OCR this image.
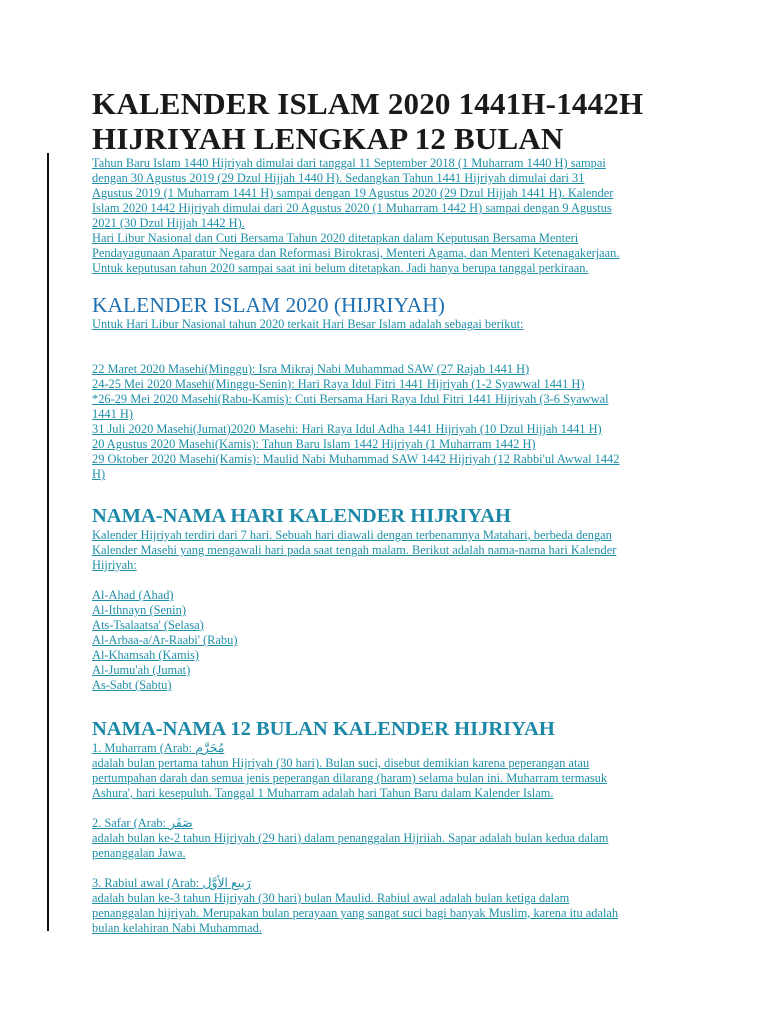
KALENDER ISLAM 2020 1441H-1442H HIJRIYAH LENGKAP 12 BULAN
Tahun Baru Islam 1440 Hijriyah dimulai dari tanggal 11 September 2018 (1 Muharram 1440 H) sampai
dengan 30 Agustus 2019 (29 Dzul Hijjah 1440 H). Sedangkan Tahun 1441 Hijriyah dimulai dari 31
Agustus 2019 (1 Muharram 1441 H) sampai dengan 19 Agustus 2020 (29 Dzul Hijjah 1441 H). Kalender
Islam 2020 1442 Hijriyah dimulai dari 20 Agustus 2020 (1 Muharram 1442 H) sampai dengan 9 Agustus
2021 (30 Dzul Hijjah 1442 H).
Hari Libur Nasional dan Cuti Bersama Tahun 2020 ditetapkan dalam Keputusan Bersama Menteri
Pendayagunaan Aparatur Negara dan Reformasi Birokrasi, Menteri Agama, dan Menteri Ketenagakerjaan.
Untuk keputusan tahun 2020 sampai saat ini belum ditetapkan. Jadi hanya berupa tanggal perkiraan.
KALENDER ISLAM 2020 (HIJRIYAH)
Untuk Hari Libur Nasional tahun 2020 terkait Hari Besar Islam adalah sebagai berikut:
22 Maret 2020 Masehi(Minggu): Isra Mikraj Nabi Muhammad SAW (27 Rajab 1441 H)
24-25 Mei 2020 Masehi(Minggu-Senin): Hari Raya Idul Fitri 1441 Hijriyah (1-2 Syawwal 1441 H)
*26-29 Mei 2020 Masehi(Rabu-Kamis): Cuti Bersama Hari Raya Idul Fitri 1441 Hijriyah (3-6 Syawwal
1441 H)
31 Juli 2020 Masehi(Jumat)2020 Masehi: Hari Raya Idul Adha 1441 Hijriyah (10 Dzul Hijjah 1441 H)
20 Agustus 2020 Masehi(Kamis): Tahun Baru Islam 1442 Hijriyah (1 Muharram 1442 H)
29 Oktober 2020 Masehi(Kamis): Maulid Nabi Muhammad SAW 1442 Hijriyah (12 Rabbi'ul Awwal 1442
H)
NAMA-NAMA HARI KALENDER HIJRIYAH
Kalender Hijriyah terdiri dari 7 hari. Sebuah hari diawali dengan terbenamnya Matahari, berbeda dengan
Kalender Masehi yang mengawali hari pada saat tengah malam. Berikut adalah nama-nama hari Kalender
Hijriyah:
Al-Ahad (Ahad)
Al-Ithnayn (Senin)
Ats-Tsalaatsa' (Selasa)
Al-Arbaa-a/Ar-Raabi' (Rabu)
Al-Khamsah (Kamis)
Al-Jumu'ah (Jumat)
As-Sabt (Sabtu)
NAMA-NAMA 12 BULAN KALENDER HIJRIYAH
1. Muharram (Arab: مُحَرَّم
adalah bulan pertama tahun Hijriyah (30 hari). Bulan suci, disebut demikian karena peperangan atau
pertumpahan darah dan semua jenis peperangan dilarang (haram) selama bulan ini. Muharram termasuk
Ashura', hari kesepuluh. Tanggal 1 Muharram adalah hari Tahun Baru dalam Kalender Islam.
2. Safar (Arab: صَفَر
adalah bulan ke-2 tahun Hijriyah (29 hari) dalam penanggalan Hijriiah. Sapar adalah bulan kedua dalam
penanggalan Jawa.
3. Rabiul awal (Arab: رَبيع الأوَّل
adalah bulan ke-3 tahun Hijriyah (30 hari) bulan Maulid. Rabiul awal adalah bulan ketiga dalam
penanggalan hijriyah. Merupakan bulan perayaan yang sangat suci bagi banyak Muslim, karena itu adalah
bulan kelahiran Nabi Muhammad.
